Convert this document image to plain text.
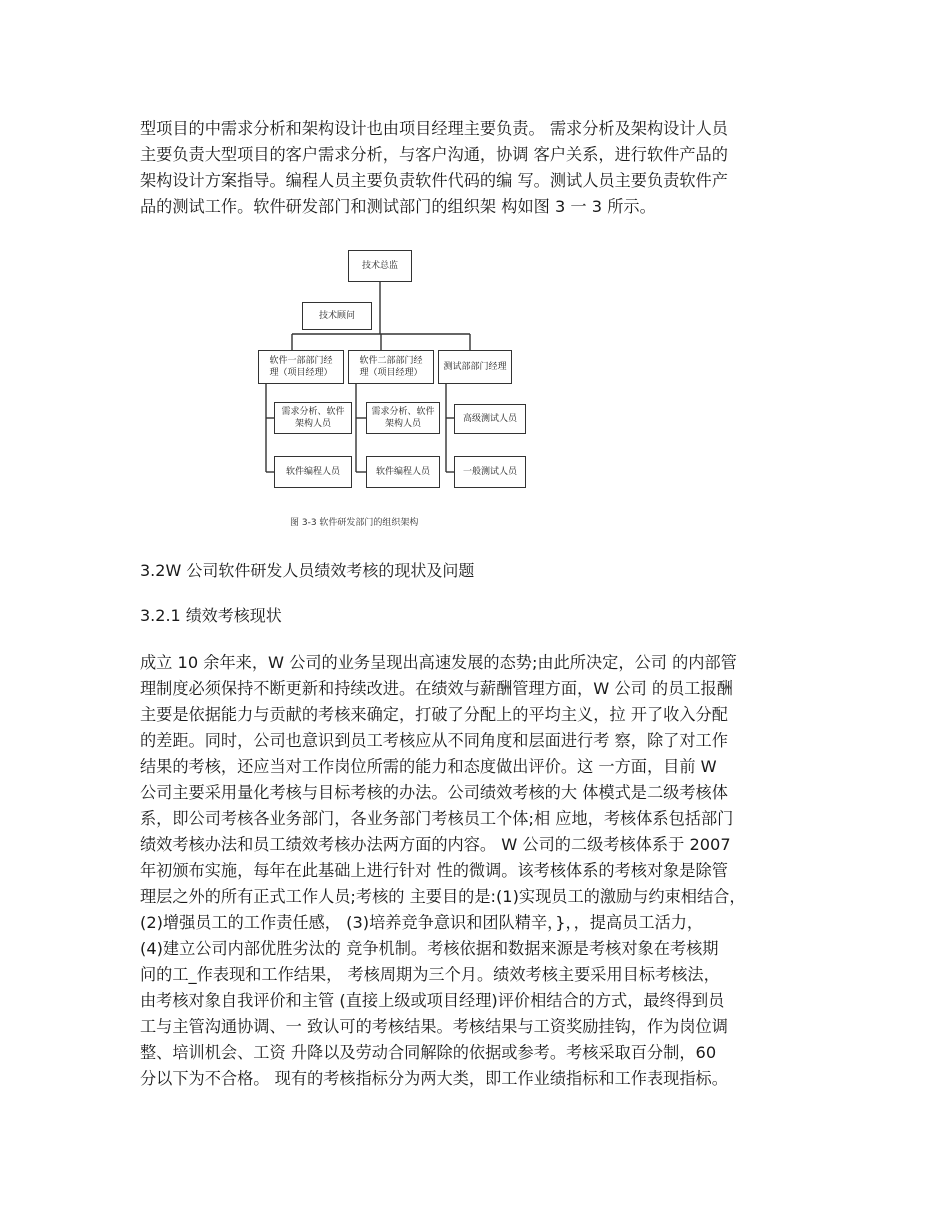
型项目的中需求分析和架构设计也由项目经理主要负责。 需求分析及架构设计人员
主要负责大型项目的客户需求分析，与客户沟通，协调 客户关系，进行软件产品的
架构设计方案指导。编程人员主要负责软件代码的编 写。测试人员主要负责软件产
品的测试工作。软件研发部门和测试部门的组织架 构如图 3 一 3 所示。
技术总监
技术顾问
软件一部部门经
理（项目经理）
软件二部部门经
理（项目经理）
测试部部门经理
需求分析、软件
架构人员
需求分析、软件
架构人员	高级测试人员
软件编程人员	软件编程人员	一般测试人员
图 3-3 软件研发部门的组织架构
3.2W 公司软件研发人员绩效考核的现状及问题
3.2.1 绩效考核现状
成立 10 余年来，W 公司的业务呈现出高速发展的态势;由此所决定，公司 的内部管
理制度必须保持不断更新和持续改进。在绩效与薪酬管理方面，W 公司 的员工报酬
主要是依据能力与贡献的考核来确定，打破了分配上的平均主义，拉 开了收入分配
的差距。同时，公司也意识到员工考核应从不同角度和层面进行考 察，除了对工作
结果的考核，还应当对工作岗位所需的能力和态度做出评价。这 一方面，目前 W
公司主要采用量化考核与目标考核的办法。公司绩效考核的大 体模式是二级考核体
系，即公司考核各业务部门，各业务部门考核员工个体;相 应地，考核体系包括部门
绩效考核办法和员工绩效考核办法两方面的内容。 W 公司的二级考核体系于 2007
年初颁布实施，每年在此基础上进行针对 性的微调。该考核体系的考核对象是除管
理层之外的所有正式工作人员;考核的 主要目的是:(1)实现员工的激励与约束相结合，
(2)增强员工的工作责任感， (3)培养竞争意识和团队精辛，}，，提高员工活力，
(4)建立公司内部优胜劣汰的 竞争机制。考核依据和数据来源是考核对象在考核期
问的工_作表现和工作结果， 考核周期为三个月。绩效考核主要采用目标考核法，
由考核对象自我评价和主管 (直接上级或项目经理)评价相结合的方式，最终得到员
工与主管沟通协调、一 致认可的考核结果。考核结果与工资奖励挂钩，作为岗位调
整、培训机会、工资 升降以及劳动合同解除的依据或参考。考核采取百分制，60
分以下为不合格。 现有的考核指标分为两大类，即工作业绩指标和工作表现指标。
